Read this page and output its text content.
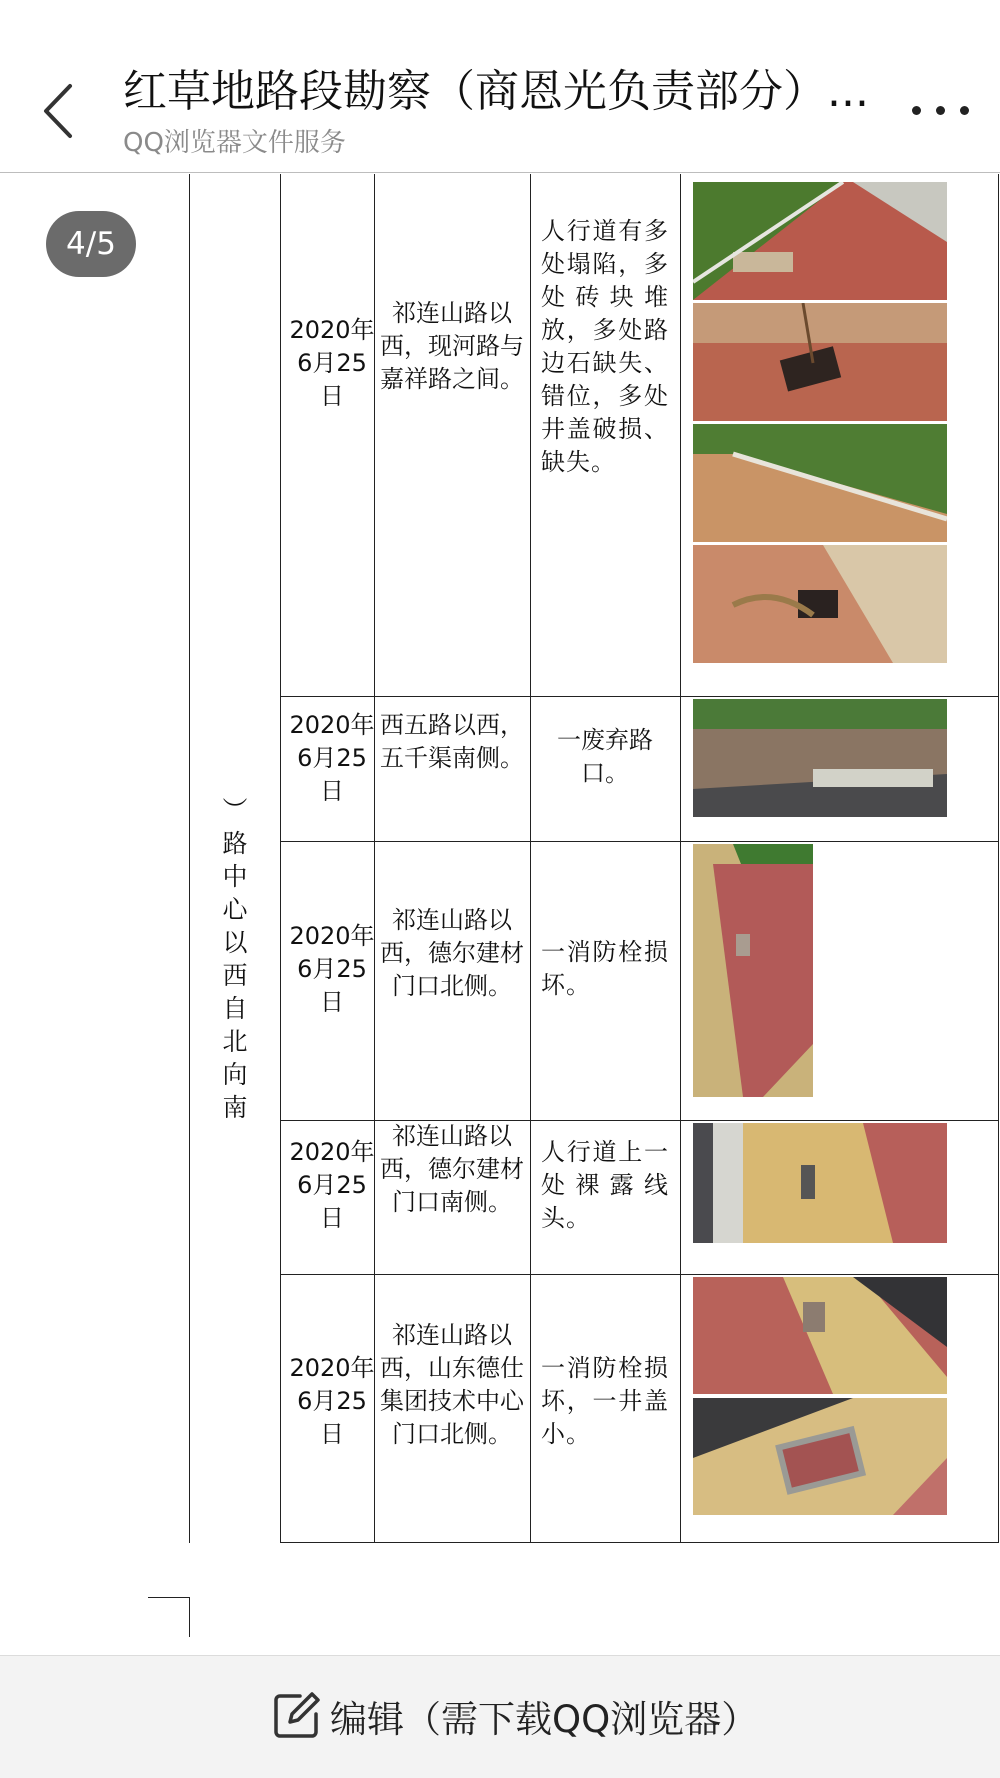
红草地路段勘察（商恩光负责部分）...
QQ浏览器文件服务
︶
路
中
心
以
西
自
北
向
南
2020年6月25日
祁连山路以西，现河路与嘉祥路之间。
人行道有多处塌陷，多处砖块堆放，多处路边石缺失、错位，多处井盖破损、缺失。
2020年6月25日
西五路以西，五千渠南侧。
一废弃路口。
2020年6月25日
祁连山路以西，德尔建材门口北侧。
一消防栓损坏。
2020年6月25日
祁连山路以西，德尔建材门口南侧。
人行道上一处裸露线头。
2020年6月25日
祁连山路以西，山东德仕集团技术中心门口北侧。
一消防栓损坏，一井盖小。
4/5
编辑（需下载QQ浏览器）
